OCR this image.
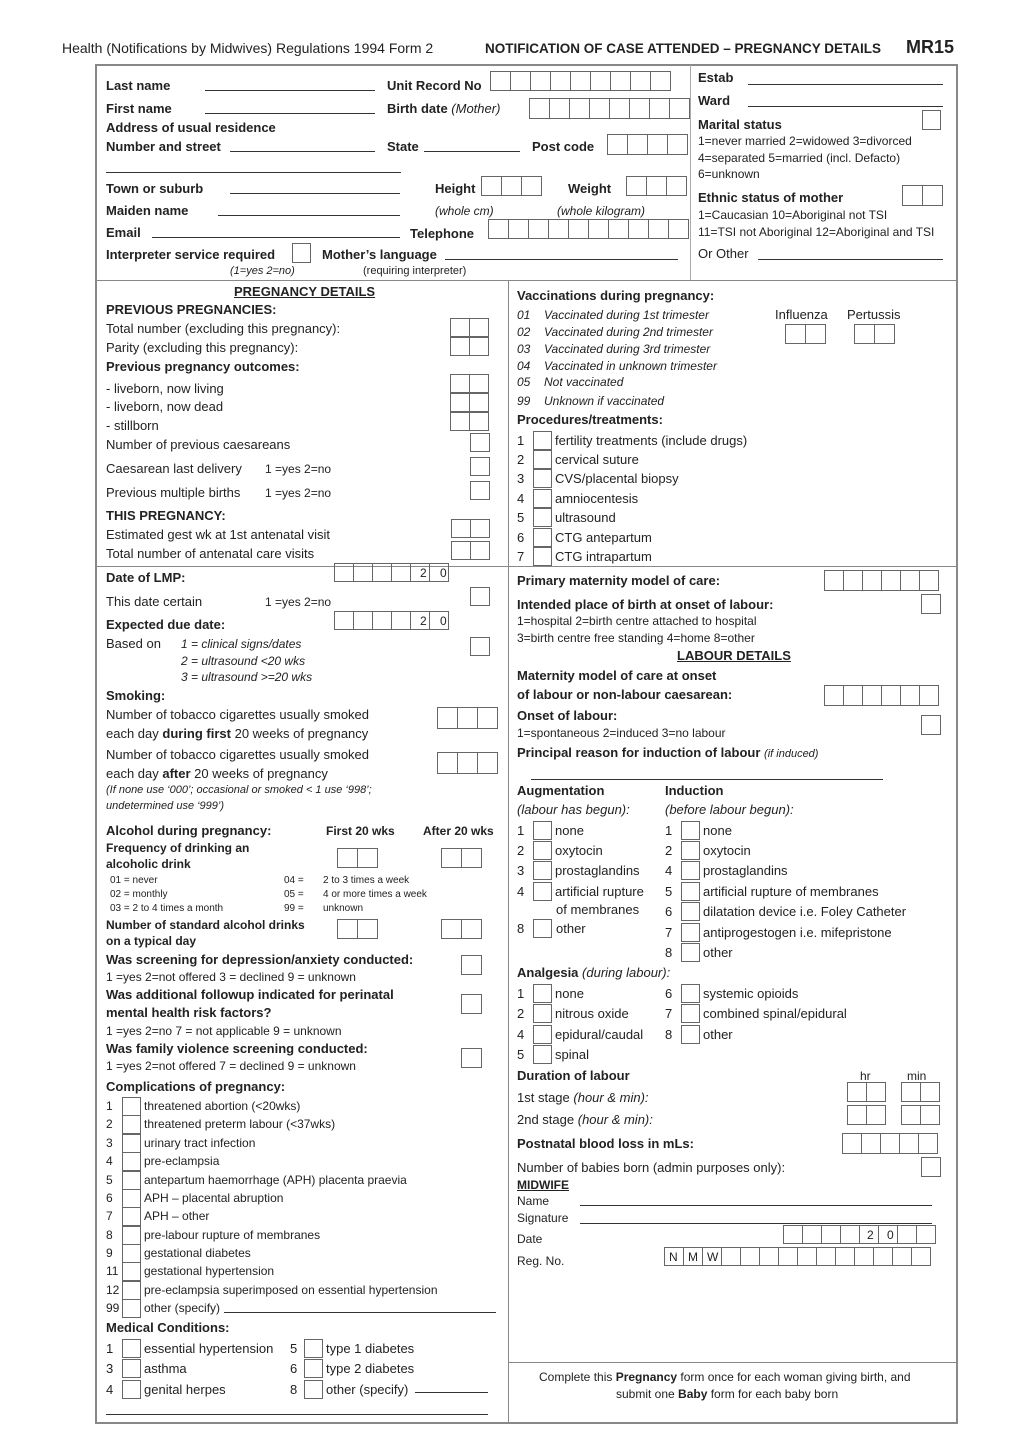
Health (Notifications by Midwives) Regulations 1994 Form 2	NOTIFICATION OF CASE ATTENDED – PREGNANCY DETAILS MR15
Last name
First name
Address of usual residence
Number and street
Town or suburb
Maiden name
Email
Interpreter service required
(1=yes 2=no)
Unit Record No
Birth date (Mother)
State	Post code
Height	Weight
(whole cm)	(whole kilogram)
Telephone
Mother’s language
(requiring interpreter)
Estab
Ward
Marital status
1=never married 2=widowed 3=divorced
4=separated 5=married (incl. Defacto)
6=unknown
Ethnic status of mother
1=Caucasian 10=Aboriginal not TSI
11=TSI not Aboriginal 12=Aboriginal and TSI
Or Other
PREGNANCY DETAILS
PREVIOUS PREGNANCIES:
Total number (excluding this pregnancy):
Parity (excluding this pregnancy):
Previous pregnancy outcomes:
- liveborn, now living
- liveborn, now dead
- stillborn
Number of previous caesareans
Caesarean last delivery 1 =yes 2=no
Previous multiple births 1 =yes 2=no
THIS PREGNANCY:
Estimated gest wk at 1st antenatal visit
Total number of antenatal care visits
Date of LMP:
This date certain	1 =yes 2=no
Expected due date:
Based on 1 = clinical signs/dates
2 = ultrasound <20 wks
3 = ultrasound >=20 wks
2 0
2 0
Smoking:
Number of tobacco cigarettes usually smoked
each day during first 20 weeks of pregnancy
Number of tobacco cigarettes usually smoked
each day after 20 weeks of pregnancy
(If none use ‘000’; occasional or smoked < 1 use ‘998’;
undetermined use ‘999’)
Alcohol during pregnancy:	First 20 wks After 20 wks
Frequency of drinking an
alcoholic drink
01 = never
02 = monthly
03 = 2 to 4 times a month
04 =
05 =
99 =
2 to 3 times a week
4 or more times a week
unknown
Number of standard alcohol drinks
on a typical day
Was screening for depression/anxiety conducted:
1 =yes 2=not offered 3 = declined 9 = unknown
Was additional followup indicated for perinatal
mental health risk factors?
1 =yes 2=no 7 = not applicable 9 = unknown
Was family violence screening conducted:
1 =yes 2=not offered 7 = declined 9 = unknown
Complications of pregnancy:
1	threatened abortion (<20wks)
2	threatened preterm labour (<37wks)
3	urinary tract infection
4	pre-eclampsia
5	antepartum haemorrhage (APH) placenta praevia
6	APH – placental abruption
7	APH – other
8	pre-labour rupture of membranes
9	gestational diabetes
11 gestational hypertension
12 pre-eclampsia superimposed on essential hypertension
99 other (specify)
Medical Conditions:
1 essential hypertension
3 asthma
4 genital herpes
5 type 1 diabetes
6 type 2 diabetes
8 other (specify)
Vaccinations during pregnancy:
Influenza Pertussis
01 Vaccinated during 1st trimester
02 Vaccinated during 2nd trimester
03 Vaccinated during 3rd trimester
04 Vaccinated in unknown trimester
05 Not vaccinated
99 Unknown if vaccinated
Procedures/treatments:
1 fertility treatments (include drugs)
2 cervical suture
3 CVS/placental biopsy
4 amniocentesis
5 ultrasound
6 CTG antepartum
7 CTG intrapartum
Primary maternity model of care:
Intended place of birth at onset of labour:
1=hospital 2=birth centre attached to hospital
3=birth centre free standing 4=home 8=other
LABOUR DETAILS
Maternity model of care at onset
of labour or non-labour caesarean:
Onset of labour:
1=spontaneous 2=induced 3=no labour
Principal reason for induction of labour (if induced)
Augmentation
(labour has begun):
Induction
(before labour begun):
1 none
2 oxytocin
3 prostaglandins
4 artificial rupture
8 other
1 none
2 oxytocin
4 prostaglandins
5 artificial rupture of membranes
6 dilatation device i.e. Foley Catheter
7 antiprogestogen i.e. mifepristone
8 other
of membranes
Analgesia (during labour):
1 none
2 nitrous oxide
4 epidural/caudal
5 spinal
6 systemic opioids
7 combined spinal/epidural
8 other
Duration of labour	hr	min
1st stage (hour & min):
2nd stage (hour & min):
Postnatal blood loss in mLs:
Number of babies born (admin purposes only):
MIDWIFE
Name
Signature
Date	2 0
Reg. No.	N M W
Complete this Pregnancy form once for each woman giving birth, and
submit one Baby form for each baby born
